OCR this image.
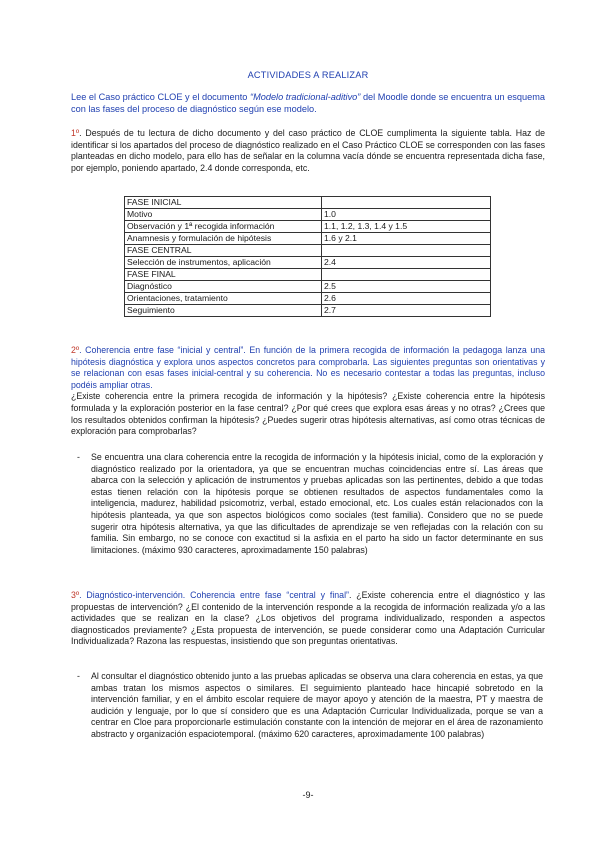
ACTIVIDADES A REALIZAR
Lee el Caso práctico CLOE y el documento “Modelo tradicional-aditivo” del Moodle donde se encuentra un esquema con las fases del proceso de diagnóstico según ese modelo.
1º. Después de tu lectura de dicho documento y del caso práctico de CLOE cumplimenta la siguiente tabla. Haz de identificar si los apartados del proceso de diagnóstico realizado en el Caso Práctico CLOE se corresponden con las fases planteadas en dicho modelo, para ello has de señalar en la columna vacía dónde se encuentra representada dicha fase, por ejemplo, poniendo apartado, 2.4 donde corresponda, etc.
FASE INICIAL	
Motivo	1.0
Observación y 1ª recogida información	1.1, 1.2, 1.3, 1.4 y 1.5
Anamnesis y formulación de hipótesis	1.6 y 2.1
FASE CENTRAL	
Selección de instrumentos, aplicación	2.4
FASE FINAL	
Diagnóstico	2.5
Orientaciones, tratamiento	2.6
Seguimiento	2.7
2º. Coherencia entre fase “inicial y central”. En función de la primera recogida de información la pedagoga lanza una hipótesis diagnóstica y explora unos aspectos concretos para comprobarla. Las siguientes preguntas son orientativas y se relacionan con esas fases inicial-central y su coherencia. No es necesario contestar a todas las preguntas, incluso podéis ampliar otras.
¿Existe coherencia entre la primera recogida de información y la hipótesis? ¿Existe coherencia entre la hipótesis formulada y la exploración posterior en la fase central? ¿Por qué crees que explora esas áreas y no otras? ¿Crees que los resultados obtenidos confirman la hipótesis? ¿Puedes sugerir otras hipótesis alternativas, así como otras técnicas de exploración para comprobarlas?
- Se encuentra una clara coherencia entre la recogida de información y la hipótesis inicial, como de la exploración y diagnóstico realizado por la orientadora, ya que se encuentran muchas coincidencias entre sí. Las áreas que abarca con la selección y aplicación de instrumentos y pruebas aplicadas son las pertinentes, debido a que todas estas tienen relación con la hipótesis porque se obtienen resultados de aspectos fundamentales como la inteligencia, madurez, habilidad psicomotriz, verbal, estado emocional, etc. Los cuales están relacionados con la hipótesis planteada, ya que son aspectos biológicos como sociales (test familia). Considero que no se puede sugerir otra hipótesis alternativa, ya que las dificultades de aprendizaje se ven reflejadas con la relación con su familia. Sin embargo, no se conoce con exactitud si la asfixia en el parto ha sido un factor determinante en sus limitaciones. (máximo 930 caracteres, aproximadamente 150 palabras)
3º. Diagnóstico-intervención. Coherencia entre fase “central y final”. ¿Existe coherencia entre el diagnóstico y las propuestas de intervención? ¿El contenido de la intervención responde a la recogida de información realizada y/o a las actividades que se realizan en la clase? ¿Los objetivos del programa individualizado, responden a aspectos diagnosticados previamente? ¿Esta propuesta de intervención, se puede considerar como una Adaptación Curricular Individualizada? Razona las respuestas, insistiendo que son preguntas orientativas.
- Al consultar el diagnóstico obtenido junto a las pruebas aplicadas se observa una clara coherencia en estas, ya que ambas tratan los mismos aspectos o similares. El seguimiento planteado hace hincapié sobretodo en la intervención familiar, y en el ámbito escolar requiere de mayor apoyo y atención de la maestra, PT y maestra de audición y lenguaje, por lo que sí considero que es una Adaptación Curricular Individualizada, porque se van a centrar en Cloe para proporcionarle estimulación constante con la intención de mejorar en el área de razonamiento abstracto y organización espaciotemporal. (máximo 620 caracteres, aproximadamente 100 palabras)
-9-
